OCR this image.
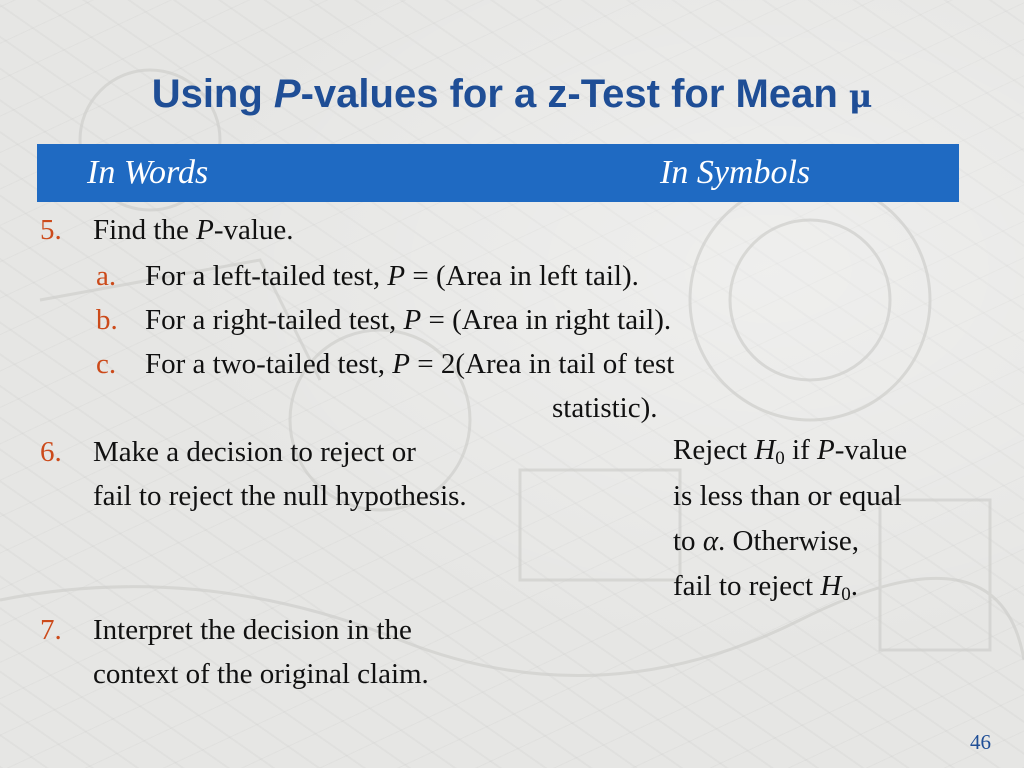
Using P-values for a z-Test for Mean μ
In Words	In Symbols
5. Find the P-value.
a. For a left-tailed test, P = (Area in left tail).
b. For a right-tailed test, P = (Area in right tail).
c. For a two-tailed test, P = 2(Area in tail of test
statistic).
6. Make a decision to reject or
fail to reject the null hypothesis.
Reject $H_0$ if P-value
is less than or equal
to α. Otherwise,
fail to reject $H_0$.
7. Interpret the decision in the
context of the original claim.
46
